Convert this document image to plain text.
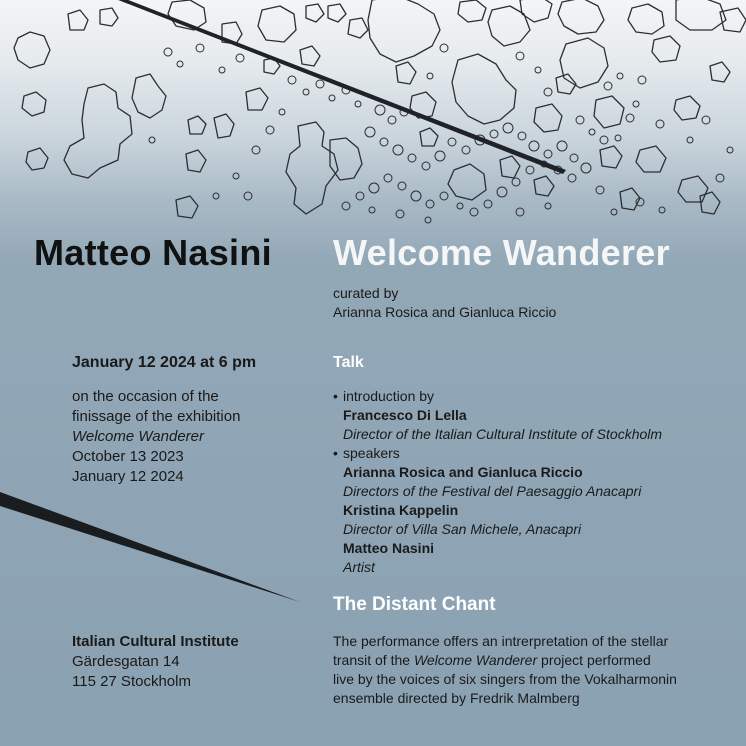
Matteo Nasini Welcome Wanderer
curated by
Arianna Rosica and Gianluca Riccio
January 12 2024 at 6 pm
on the occasion of the
finissage of the exhibition
Welcome Wanderer
October 13 2023
January 12 2024
Talk
• introduction by
Francesco Di Lella
Director of the Italian Cultural Institute of Stockholm
• speakers
Arianna Rosica and Gianluca Riccio
Directors of the Festival del Paesaggio Anacapri
Kristina Kappelin
Director of Villa San Michele, Anacapri
Matteo Nasini
Artist
The Distant Chant
The performance offers an intrerpretation of the stellar
transit of the Welcome Wanderer project performed
live by the voices of six singers from the Vokalharmonin
ensemble directed by Fredrik Malmberg
Italian Cultural Institute
Gärdesgatan 14
115 27 Stockholm
